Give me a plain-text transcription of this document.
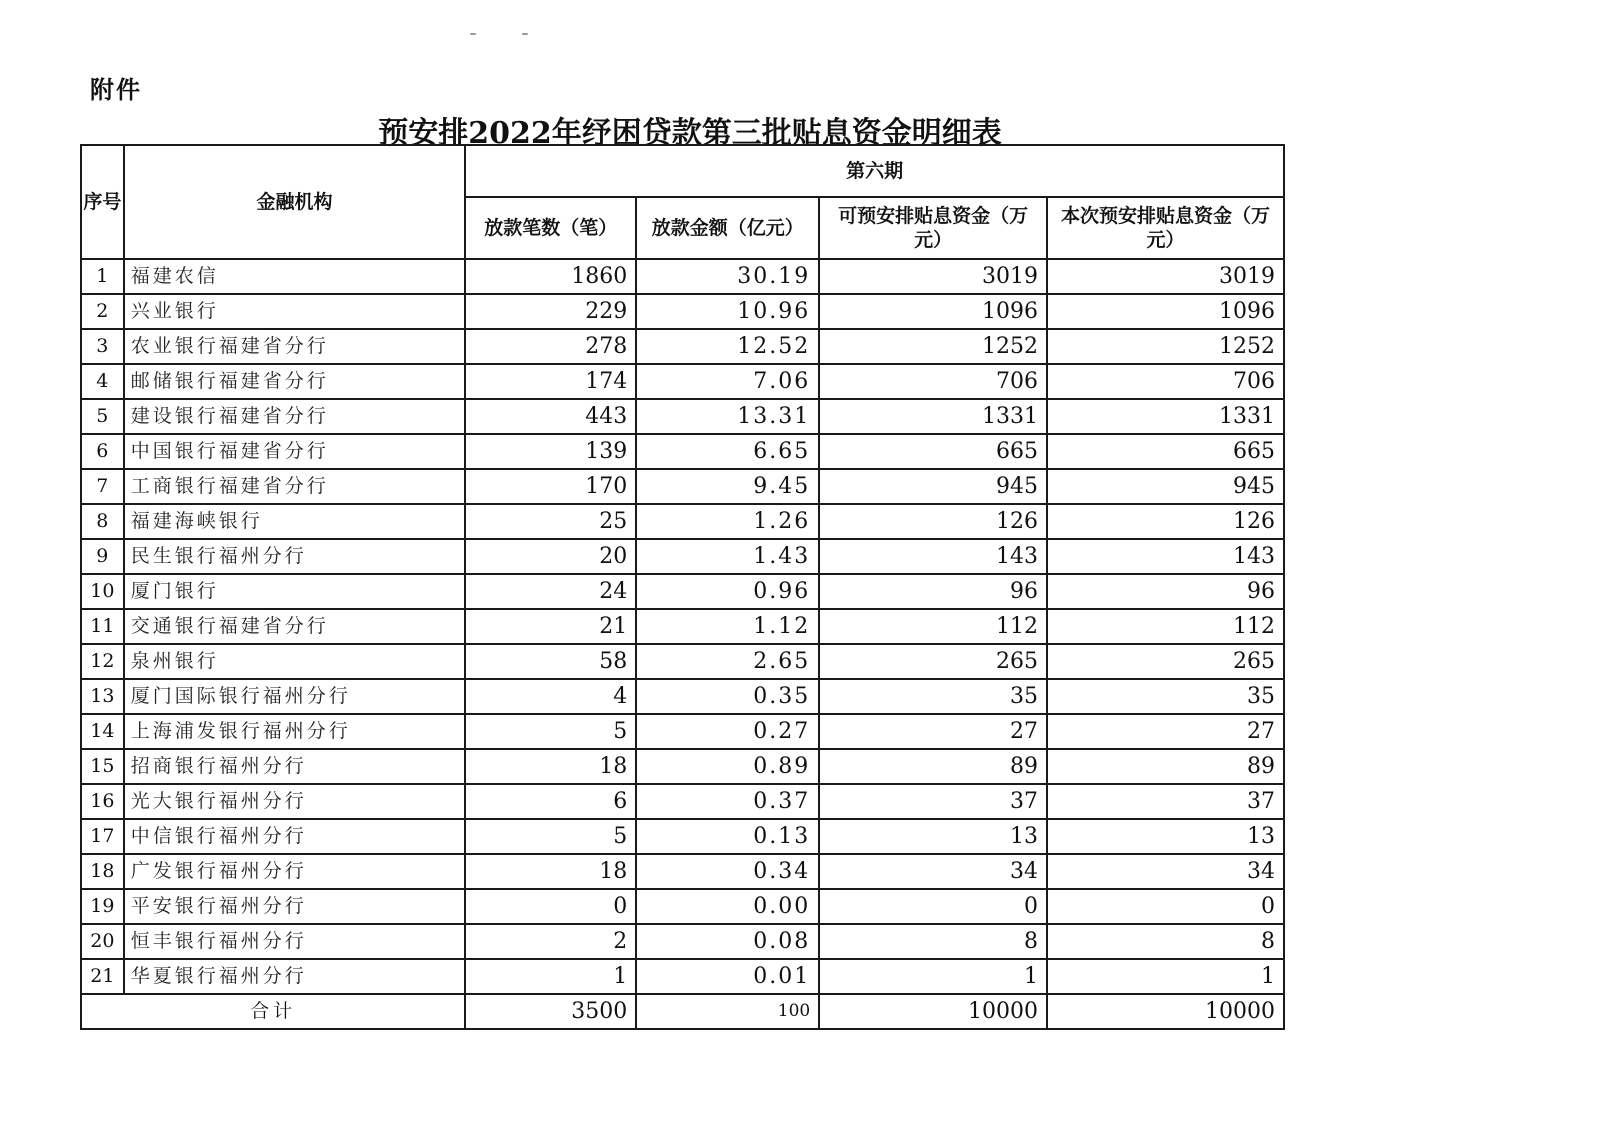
附件
预安排2022年纾困贷款第三批贴息资金明细表
序号	金融机构	第六期			
		放款笔数（笔）	放款金额（亿元）	可预安排贴息资金（万元）	本次预安排贴息资金（万元）
1	福建农信	1860	30.19	3019	3019
2	兴业银行	229	10.96	1096	1096
3	农业银行福建省分行	278	12.52	1252	1252
4	邮储银行福建省分行	174	7.06	706	706
5	建设银行福建省分行	443	13.31	1331	1331
6	中国银行福建省分行	139	6.65	665	665
7	工商银行福建省分行	170	9.45	945	945
8	福建海峡银行	25	1.26	126	126
9	民生银行福州分行	20	1.43	143	143
10	厦门银行	24	0.96	96	96
11	交通银行福建省分行	21	1.12	112	112
12	泉州银行	58	2.65	265	265
13	厦门国际银行福州分行	4	0.35	35	35
14	上海浦发银行福州分行	5	0.27	27	27
15	招商银行福州分行	18	0.89	89	89
16	光大银行福州分行	6	0.37	37	37
17	中信银行福州分行	5	0.13	13	13
18	广发银行福州分行	18	0.34	34	34
19	平安银行福州分行	0	0.00	0	0
20	恒丰银行福州分行	2	0.08	8	8
21	华夏银行福州分行	1	0.01	1	1
合计		3500	100	10000	10000
